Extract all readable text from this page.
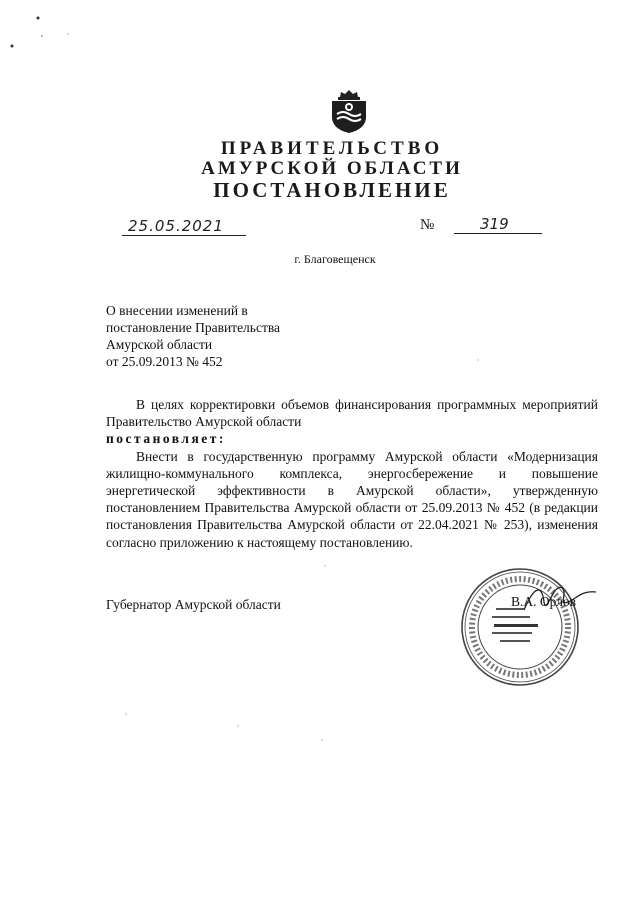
ПРАВИТЕЛЬСТВО
АМУРСКОЙ ОБЛАСТИ
ПОСТАНОВЛЕНИЕ
25.05.2021	№	319
г. Благовещенск
О внесении изменений в
постановление Правительства
Амурской области
от 25.09.2013 № 452
В целях корректировки объемов финансирования программных мероприятий Правительство Амурской области
постановляет:
Внести в государственную программу Амурской области «Модернизация жилищно-коммунального комплекса, энергосбережение и повышение энергетической эффективности в Амурской области», утвержденную постановлением Правительства Амурской области от 25.09.2013 № 452 (в редакции постановления Правительства Амурской области от 22.04.2021 № 253), изменения согласно приложению к настоящему постановлению.
Губернатор Амурской области	В.А. Орлов
